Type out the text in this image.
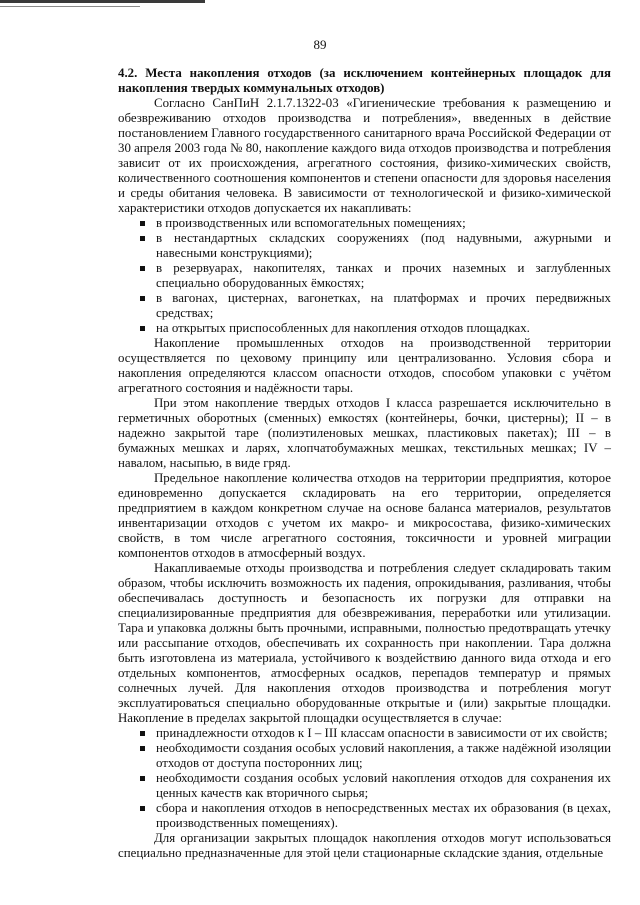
89

4.2. Места накопления отходов (за исключением контейнерных площадок для накопления твердых коммунальных отходов)

Согласно СанПиН 2.1.7.1322-03 «Гигиенические требования к размещению и обезвреживанию отходов производства и потребления», введенных в действие постановлением Главного государственного санитарного врача Российской Федерации от 30 апреля 2003 года № 80, накопление каждого вида отходов производства и потребления зависит от их происхождения, агрегатного состояния, физико-химических свойств, количественного соотношения компонентов и степени опасности для здоровья населения и среды обитания человека. В зависимости от технологической и физико-химической характеристики отходов допускается их накапливать:

в производственных или вспомогательных помещениях;
в нестандартных складских сооружениях (под надувными, ажурными и навесными конструкциями);
в резервуарах, накопителях, танках и прочих наземных и заглубленных специально оборудованных ёмкостях;
в вагонах, цистернах, вагонетках, на платформах и прочих передвижных средствах;
на открытых приспособленных для накопления отходов площадках.

Накопление промышленных отходов на производственной территории осуществляется по цеховому принципу или централизованно. Условия сбора и накопления определяются классом опасности отходов, способом упаковки с учётом агрегатного состояния и надёжности тары.

При этом накопление твердых отходов I класса разрешается исключительно в герметичных оборотных (сменных) емкостях (контейнеры, бочки, цистерны); II – в надежно закрытой таре (полиэтиленовых мешках, пластиковых пакетах); III – в бумажных мешках и ларях, хлопчатобумажных мешках, текстильных мешках; IV – навалом, насыпью, в виде гряд.

Предельное накопление количества отходов на территории предприятия, которое единовременно допускается складировать на его территории, определяется предприятием в каждом конкретном случае на основе баланса материалов, результатов инвентаризации отходов с учетом их макро- и микросостава, физико-химических свойств, в том числе агрегатного состояния, токсичности и уровней миграции компонентов отходов в атмосферный воздух.

Накапливаемые отходы производства и потребления следует складировать таким образом, чтобы исключить возможность их падения, опрокидывания, разливания, чтобы обеспечивалась доступность и безопасность их погрузки для отправки на специализированные предприятия для обезвреживания, переработки или утилизации. Тара и упаковка должны быть прочными, исправными, полностью предотвращать утечку или рассыпание отходов, обеспечивать их сохранность при накоплении. Тара должна быть изготовлена из материала, устойчивого к воздействию данного вида отхода и его отдельных компонентов, атмосферных осадков, перепадов температур и прямых солнечных лучей. Для накопления отходов производства и потребления могут эксплуатироваться специально оборудованные открытые и (или) закрытые площадки. Накопление в пределах закрытой площадки осуществляется в случае:

принадлежности отходов к I – III классам опасности в зависимости от их свойств;
необходимости создания особых условий накопления, а также надёжной изоляции отходов от доступа посторонних лиц;
необходимости создания особых условий накопления отходов для сохранения их ценных качеств как вторичного сырья;
сбора и накопления отходов в непосредственных местах их образования (в цехах, производственных помещениях).

Для организации закрытых площадок накопления отходов могут использоваться специально предназначенные для этой цели стационарные складские здания, отдельные
